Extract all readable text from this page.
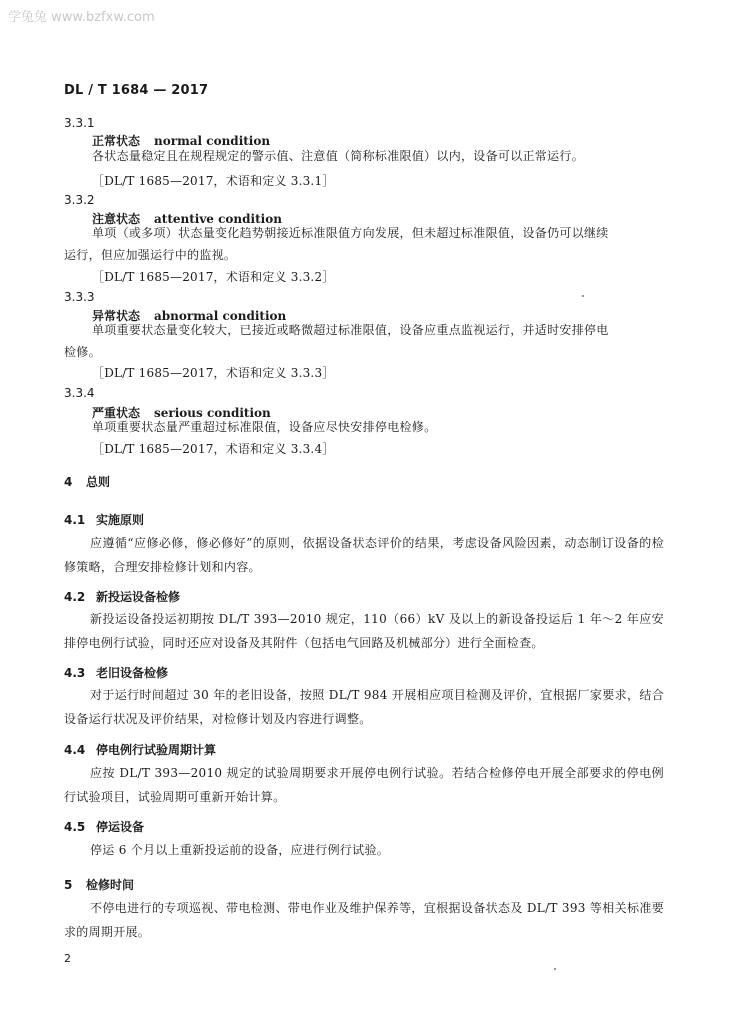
学兔兔 www.bzfxw.com
DL / T 1684 — 2017
3.3.1
正常状态 normal condition
各状态量稳定且在规程规定的警示值、注意值（简称标准限值）以内，设备可以正常运行。
［DL/T 1685—2017，术语和定义 3.3.1］
3.3.2
注意状态 attentive condition
单项（或多项）状态量变化趋势朝接近标准限值方向发展，但未超过标准限值，设备仍可以继续
运行，但应加强运行中的监视。
［DL/T 1685—2017，术语和定义 3.3.2］
3.3.3
异常状态 abnormal condition
单项重要状态量变化较大，已接近或略微超过标准限值，设备应重点监视运行，并适时安排停电
检修。
［DL/T 1685—2017，术语和定义 3.3.3］
3.3.4
严重状态 serious condition
单项重要状态量严重超过标准限值，设备应尽快安排停电检修。
［DL/T 1685—2017，术语和定义 3.3.4］
4 总则
4.1 实施原则
应遵循“应修必修，修必修好”的原则，依据设备状态评价的结果，考虑设备风险因素，动态制订设备的检修策略，合理安排检修计划和内容。
4.2 新投运设备检修
新投运设备投运初期按 DL/T 393—2010 规定，110（66）kV 及以上的新设备投运后 1 年～2 年应安排停电例行试验，同时还应对设备及其附件（包括电气回路及机械部分）进行全面检查。
4.3 老旧设备检修
对于运行时间超过 30 年的老旧设备，按照 DL/T 984 开展相应项目检测及评价，宜根据厂家要求，结合设备运行状况及评价结果，对检修计划及内容进行调整。
4.4 停电例行试验周期计算
应按 DL/T 393—2010 规定的试验周期要求开展停电例行试验。若结合检修停电开展全部要求的停电例行试验项目，试验周期可重新开始计算。
4.5 停运设备
停运 6 个月以上重新投运前的设备，应进行例行试验。
5 检修时间
不停电进行的专项巡视、带电检测、带电作业及维护保养等，宜根据设备状态及 DL/T 393 等相关标准要求的周期开展。
2
